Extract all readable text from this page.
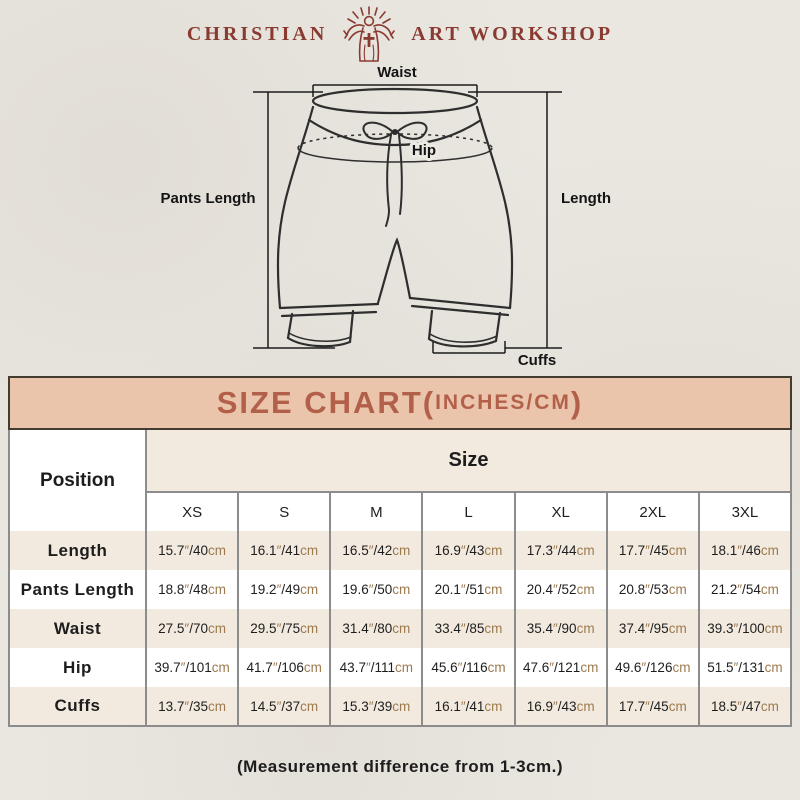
CHRISTIAN	ART WORKSHOP
Waist
Hip
Pants Length	Length
Cuffs
SIZE CHART ( INCHES/CM )
Position	Size						
	XS	S	M	L	XL	2XL	3XL
Length	15.7″/40cm	16.1″/41cm	16.5″/42cm	16.9″/43cm	17.3″/44cm	17.7″/45cm	18.1″/46cm
Pants Length	18.8″/48cm	19.2″/49cm	19.6″/50cm	20.1″/51cm	20.4″/52cm	20.8″/53cm	21.2″/54cm
Waist	27.5″/70cm	29.5″/75cm	31.4″/80cm	33.4″/85cm	35.4″/90cm	37.4″/95cm	39.3″/100cm
Hip	39.7″/101cm	41.7″/106cm	43.7″/111cm	45.6″/116cm	47.6″/121cm	49.6″/126cm	51.5″/131cm
Cuffs	13.7″/35cm	14.5″/37cm	15.3″/39cm	16.1″/41cm	16.9″/43cm	17.7″/45cm	18.5″/47cm
(Measurement difference from 1-3cm.)
